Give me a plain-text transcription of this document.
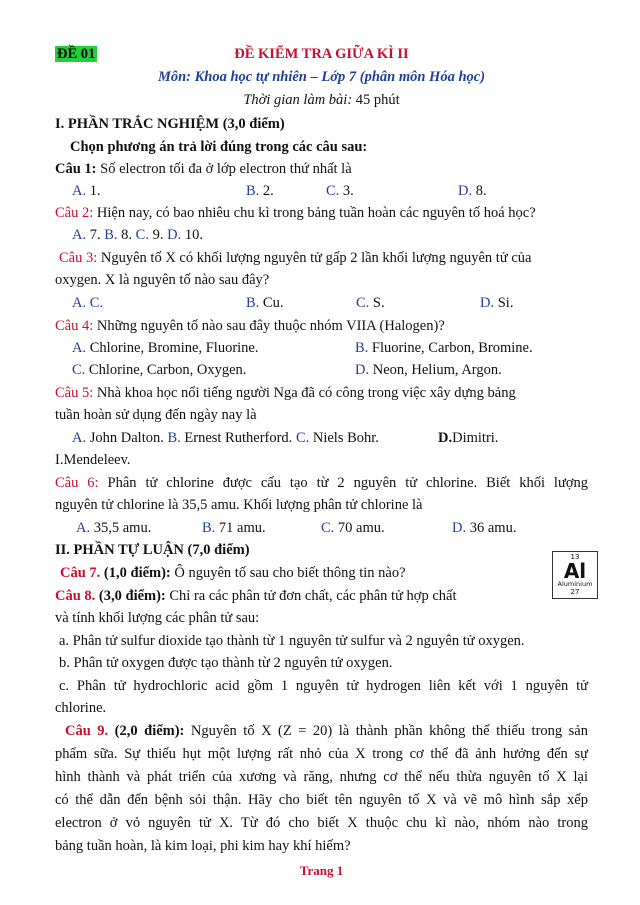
ĐỀ 01	ĐỀ KIỂM TRA GIỮA KÌ II
Môn: Khoa học tự nhiên – Lớp 7 (phân môn Hóa học)
Thời gian làm bài: 45 phút
I. PHẦN TRẮC NGHIỆM (3,0 điểm)
Chọn phương án trả lời đúng trong các câu sau:
Câu 1: Số electron tối đa ở lớp electron thứ nhất là
A. 1.	B. 2.	C. 3.	D. 8.
Câu 2: Hiện nay, có bao nhiêu chu kì trong bảng tuần hoàn các nguyên tố hoá học?
A. 7. B. 8. C. 9. D. 10.
Câu 3: Nguyên tố X có khối lượng nguyên tử gấp 2 lần khối lượng nguyên tử của
oxygen. X là nguyên tố nào sau đây?
A. C.	B. Cu.	C. S.	D. Si.
Câu 4: Những nguyên tố nào sau đây thuộc nhóm VIIA (Halogen)?
A. Chlorine, Bromine, Fluorine.	B. Fluorine, Carbon, Bromine.
C. Chlorine, Carbon, Oxygen.	D. Neon, Helium, Argon.
Câu 5: Nhà khoa học nổi tiếng người Nga đã có công trong việc xây dựng bảng
tuần hoàn sử dụng đến ngày nay là
A. John Dalton. B. Ernest Rutherford. C. Niels Bohr.	D.Dimitri.
I.Mendeleev.
Câu 6: Phân tử chlorine được cấu tạo từ 2 nguyên tử chlorine. Biết khối lượng
nguyên tử chlorine là 35,5 amu. Khối lượng phân tử chlorine là
A. 35,5 amu.	B. 71 amu.	C. 70 amu.	D. 36 amu.
II. PHẦN TỰ LUẬN (7,0 điểm)
Câu 7. (1,0 điểm): Ô nguyên tố sau cho biết thông tin nào?
13
Al
Aluminium
27
Câu 8. (3,0 điểm): Chỉ ra các phân tử đơn chất, các phân tử hợp chất
và tính khối lượng các phân tử sau:
a. Phân tử sulfur dioxide tạo thành từ 1 nguyên tử sulfur và 2 nguyên tử oxygen.
b. Phân tử oxygen được tạo thành từ 2 nguyên tử oxygen.
c. Phân tử hydrochloric acid gồm 1 nguyên tử hydrogen liên kết với 1 nguyên tử
chlorine.
Câu 9. (2,0 điểm): Nguyên tố X (Z = 20) là thành phần không thể thiếu trong sản
phẩm sữa. Sự thiếu hụt một lượng rất nhỏ của X trong cơ thể đã ảnh hưởng đến sự
hình thành và phát triển của xương và răng, nhưng cơ thể nếu thừa nguyên tố X lại
có thể dẫn đến bệnh sỏi thận. Hãy cho biết tên nguyên tố X và vẽ mô hình sắp xếp
electron ở vỏ nguyên tử X. Từ đó cho biết X thuộc chu kì nào, nhóm nào trong
bảng tuần hoàn, là kim loại, phi kim hay khí hiếm?
Trang 1
